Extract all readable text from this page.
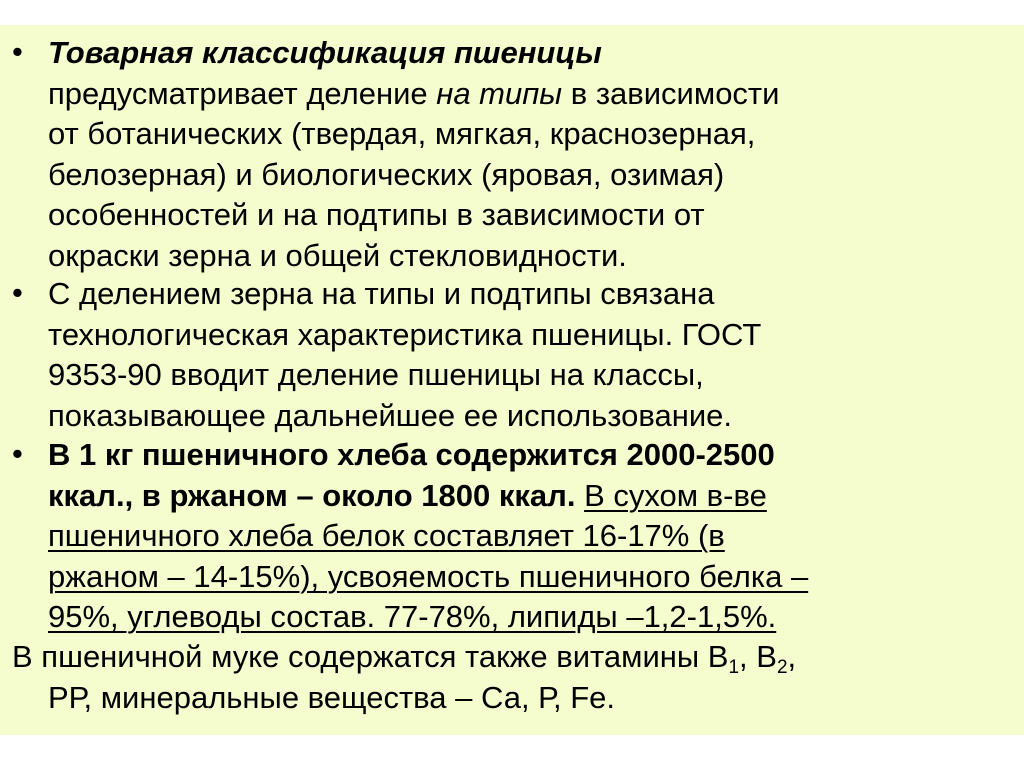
• Товарная классификация пшеницы
предусматривает деление на типы в зависимости
от ботанических (твердая, мягкая, краснозерная,
белозерная) и биологических (яровая, озимая)
особенностей и на подтипы в зависимости от
окраски зерна и общей стекловидности.
• С делением зерна на типы и подтипы связана
технологическая характеристика пшеницы. ГОСТ
9353-90 вводит деление пшеницы на классы,
показывающее дальнейшее ее использование.
• В 1 кг пшеничного хлеба содержится 2000-2500
ккал., в ржаном – около 1800 ккал. В сухом в-ве
пшеничного хлеба белок составляет 16-17% (в
ржаном – 14-15%), усвояемость пшеничного белка –
95%, углеводы состав. 77-78%, липиды –1,2-1,5%.
В пшеничной муке содержатся также витамины $В_1$, $В_2$,
РР, минеральные вещества – Са, Р, Fe.
